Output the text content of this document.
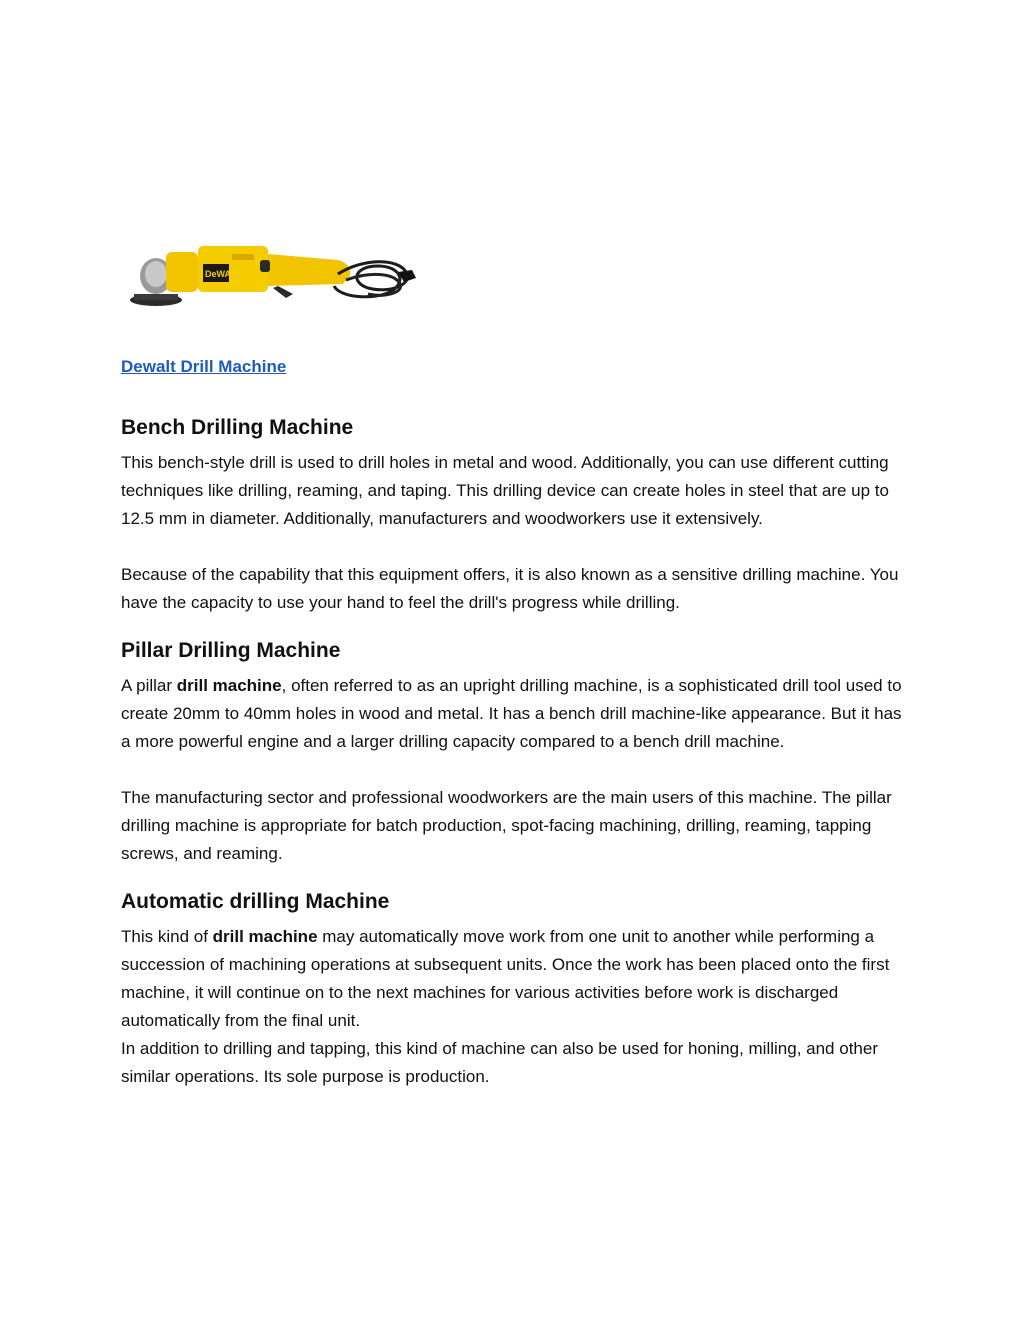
DeWALT
Dewalt Drill Machine
Bench Drilling Machine

This bench-style drill is used to drill holes in metal and wood. Additionally, you can use different cutting techniques like drilling, reaming, and taping. This drilling device can create holes in steel that are up to 12.5 mm in diameter. Additionally, manufacturers and woodworkers use it extensively.

Because of the capability that this equipment offers, it is also known as a sensitive drilling machine. You have the capacity to use your hand to feel the drill's progress while drilling.

Pillar Drilling Machine

A pillar drill machine, often referred to as an upright drilling machine, is a sophisticated drill tool used to create 20mm to 40mm holes in wood and metal. It has a bench drill machine-like appearance. But it has a more powerful engine and a larger drilling capacity compared to a bench drill machine.

The manufacturing sector and professional woodworkers are the main users of this machine. The pillar drilling machine is appropriate for batch production, spot-facing machining, drilling, reaming, tapping screws, and reaming.

Automatic drilling Machine

This kind of drill machine may automatically move work from one unit to another while performing a succession of machining operations at subsequent units. Once the work has been placed onto the first machine, it will continue on to the next machines for various activities before work is discharged automatically from the final unit.

In addition to drilling and tapping, this kind of machine can also be used for honing, milling, and other similar operations. Its sole purpose is production.
